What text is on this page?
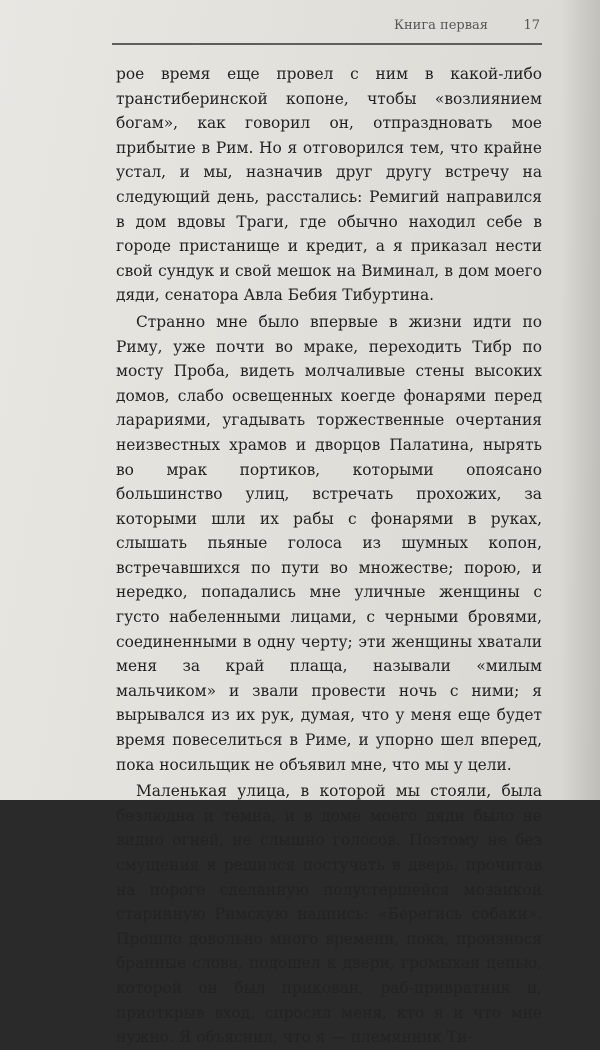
Книга первая	17

рое время еще провел с ним в какой-либо транстиберинской копоне, чтобы «возлиянием богам», как говорил он, отпраздновать мое прибытие в Рим. Но я отговорился тем, что крайне устал, и мы, назначив друг другу встречу на следующий день, расстались: Ремигий направился в дом вдовы Траги, где обычно находил себе в городе пристанище и кредит, а я приказал нести свой сундук и свой мешок на Виминал, в дом моего дяди, сенатора Авла Бебия Тибуртина.

Странно мне было впервые в жизни идти по Риму, уже почти во мраке, переходить Тибр по мосту Проба, видеть молчаливые стены высоких домов, слабо освещенных коегде фонарями перед ларариями, угадывать торжественные очертания неизвестных храмов и дворцов Палатина, нырять во мрак портиков, которыми опоясано большинство улиц, встречать прохожих, за которыми шли их рабы с фонарями в руках, слышать пьяные голоса из шумных копон, встречавшихся по пути во множестве; порою, и нередко, попадались мне уличные женщины с густо набеленными лицами, с черными бровями, соединенными в одну черту; эти женщины хватали меня за край плаща, называли «милым мальчиком» и звали провести ночь с ними; я вырывался из их рук, думая, что у меня еще будет время повеселиться в Риме, и упорно шел вперед, пока носильщик не объявил мне, что мы у цели.

Маленькая улица, в которой мы стояли, была безлюдна и темна, и в доме моего дяди было не видно огней, не слышно голосов. Поэтому не без смущения я решился постучать в дверь, прочитав на пороге сделанную полустершейся мозаикой старинную Римскую надпись: «Берегись собаки». Прошло довольно много времени, пока, произнося бранные слова, подошел к двери, громыхая цепью, которой он был прикован, раб-привратник и, приоткрыв вход, спросил меня, кто я и что мне нужно. Я объяснил, что я — племянник Ти-
